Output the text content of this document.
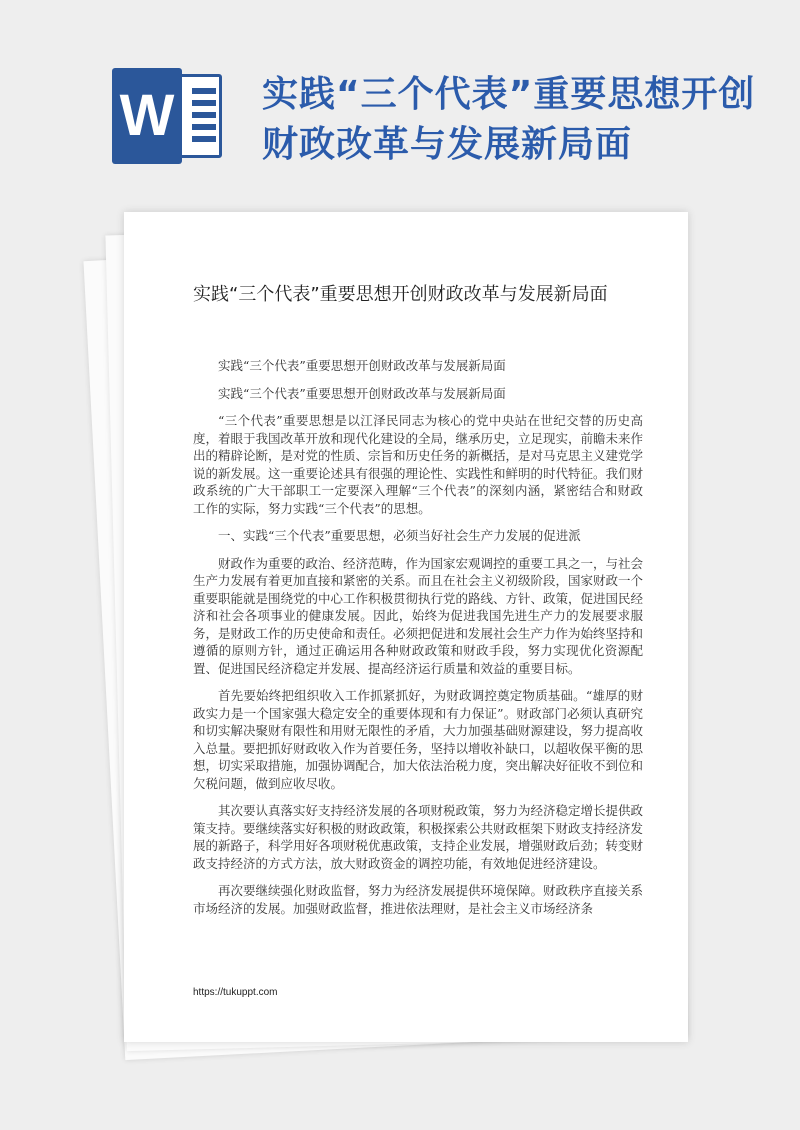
W 实践“三个代表”重要思想开创财政改革与发展新局面
实践“三个代表”重要思想开创财政改革与发展新局面

实践“三个代表”重要思想开创财政改革与发展新局面

实践“三个代表”重要思想开创财政改革与发展新局面

“三个代表”重要思想是以江泽民同志为核心的党中央站在世纪交替的历史高度，着眼于我国改革开放和现代化建设的全局，继承历史，立足现实，前瞻未来作出的精辟论断，是对党的性质、宗旨和历史任务的新概括，是对马克思主义建党学说的新发展。这一重要论述具有很强的理论性、实践性和鲜明的时代特征。我们财政系统的广大干部职工一定要深入理解“三个代表”的深刻内涵，紧密结合和财政工作的实际，努力实践“三个代表”的思想。

一、实践“三个代表”重要思想，必须当好社会生产力发展的促进派

财政作为重要的政治、经济范畴，作为国家宏观调控的重要工具之一，与社会生产力发展有着更加直接和紧密的关系。而且在社会主义初级阶段，国家财政一个重要职能就是围绕党的中心工作积极贯彻执行党的路线、方针、政策，促进国民经济和社会各项事业的健康发展。因此，始终为促进我国先进生产力的发展要求服务，是财政工作的历史使命和责任。必须把促进和发展社会生产力作为始终坚持和遵循的原则方针，通过正确运用各种财政政策和财政手段，努力实现优化资源配置、促进国民经济稳定并发展、提高经济运行质量和效益的重要目标。

首先要始终把组织收入工作抓紧抓好，为财政调控奠定物质基础。“雄厚的财政实力是一个国家强大稳定安全的重要体现和有力保证”。财政部门必须认真研究和切实解决聚财有限性和用财无限性的矛盾，大力加强基础财源建设，努力提高收入总量。要把抓好财政收入作为首要任务，坚持以增收补缺口，以超收保平衡的思想，切实采取措施，加强协调配合，加大依法治税力度，突出解决好征收不到位和欠税问题，做到应收尽收。

其次要认真落实好支持经济发展的各项财税政策，努力为经济稳定增长提供政策支持。要继续落实好积极的财政政策，积极探索公共财政框架下财政支持经济发展的新路子，科学用好各项财税优惠政策，支持企业发展，增强财政后劲；转变财政支持经济的方式方法，放大财政资金的调控功能，有效地促进经济建设。

再次要继续强化财政监督，努力为经济发展提供环境保障。财政秩序直接关系市场经济的发展。加强财政监督，推进依法理财，是社会主义市场经济条

https://tukuppt.com
